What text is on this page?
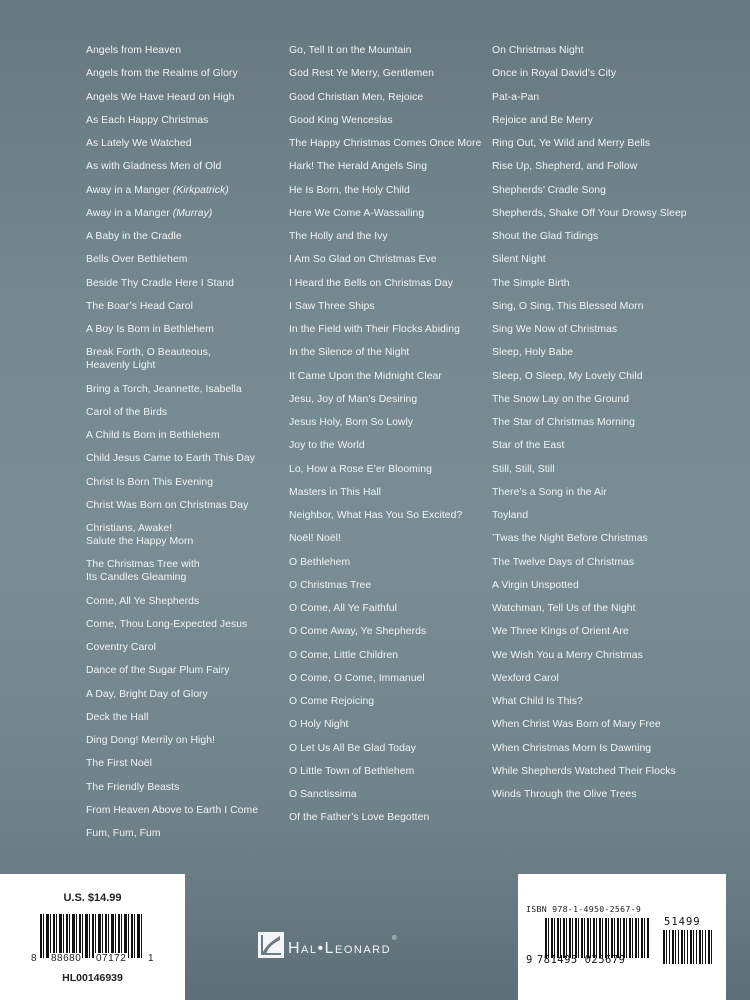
Angels from Heaven
Angels from the Realms of Glory
Angels We Have Heard on High
As Each Happy Christmas
As Lately We Watched
As with Gladness Men of Old
Away in a Manger (Kirkpatrick)
Away in a Manger (Murray)
A Baby in the Cradle
Bells Over Bethlehem
Beside Thy Cradle Here I Stand
The Boar’s Head Carol
A Boy Is Born in Bethlehem
Break Forth, O Beauteous,
Heavenly Light
Bring a Torch, Jeannette, Isabella
Carol of the Birds
A Child Is Born in Bethlehem
Child Jesus Came to Earth This Day
Christ Is Born This Evening
Christ Was Born on Christmas Day
Christians, Awake!
Salute the Happy Morn
The Christmas Tree with
Its Candles Gleaming
Come, All Ye Shepherds
Come, Thou Long-Expected Jesus
Coventry Carol
Dance of the Sugar Plum Fairy
A Day, Bright Day of Glory
Deck the Hall
Ding Dong! Merrily on High!
The First Noël
The Friendly Beasts
From Heaven Above to Earth I Come
Fum, Fum, Fum
Go, Tell It on the Mountain
God Rest Ye Merry, Gentlemen
Good Christian Men, Rejoice
Good King Wenceslas
The Happy Christmas Comes Once More
Hark! The Herald Angels Sing
He Is Born, the Holy Child
Here We Come A-Wassailing
The Holly and the Ivy
I Am So Glad on Christmas Eve
I Heard the Bells on Christmas Day
I Saw Three Ships
In the Field with Their Flocks Abiding
In the Silence of the Night
It Came Upon the Midnight Clear
Jesu, Joy of Man’s Desiring
Jesus Holy, Born So Lowly
Joy to the World
Lo, How a Rose E’er Blooming
Masters in This Hall
Neighbor, What Has You So Excited?
Noël! Noël!
O Bethlehem
O Christmas Tree
O Come, All Ye Faithful
O Come Away, Ye Shepherds
O Come, Little Children
O Come, O Come, Immanuel
O Come Rejoicing
O Holy Night
O Let Us All Be Glad Today
O Little Town of Bethlehem
O Sanctissima
Of the Father’s Love Begotten
On Christmas Night
Once in Royal David’s City
Pat-a-Pan
Rejoice and Be Merry
Ring Out, Ye Wild and Merry Bells
Rise Up, Shepherd, and Follow
Shepherds’ Cradle Song
Shepherds, Shake Off Your Drowsy Sleep
Shout the Glad Tidings
Silent Night
The Simple Birth
Sing, O Sing, This Blessed Morn
Sing We Now of Christmas
Sleep, Holy Babe
Sleep, O Sleep, My Lovely Child
The Snow Lay on the Ground
The Star of Christmas Morning
Star of the East
Still, Still, Still
There’s a Song in the Air
Toyland
’Twas the Night Before Christmas
The Twelve Days of Christmas
A Virgin Unspotted
Watchman, Tell Us of the Night
We Three Kings of Orient Are
We Wish You a Merry Christmas
Wexford Carol
What Child Is This?
When Christ Was Born of Mary Free
When Christmas Morn Is Dawning
While Shepherds Watched Their Flocks
Winds Through the Olive Trees
U.S. $14.99
8 88680 07172 1
HL00146939
Hal•Leonard
®
ISBN 978-1-4950-2567-9
51499
9 781495 025679
